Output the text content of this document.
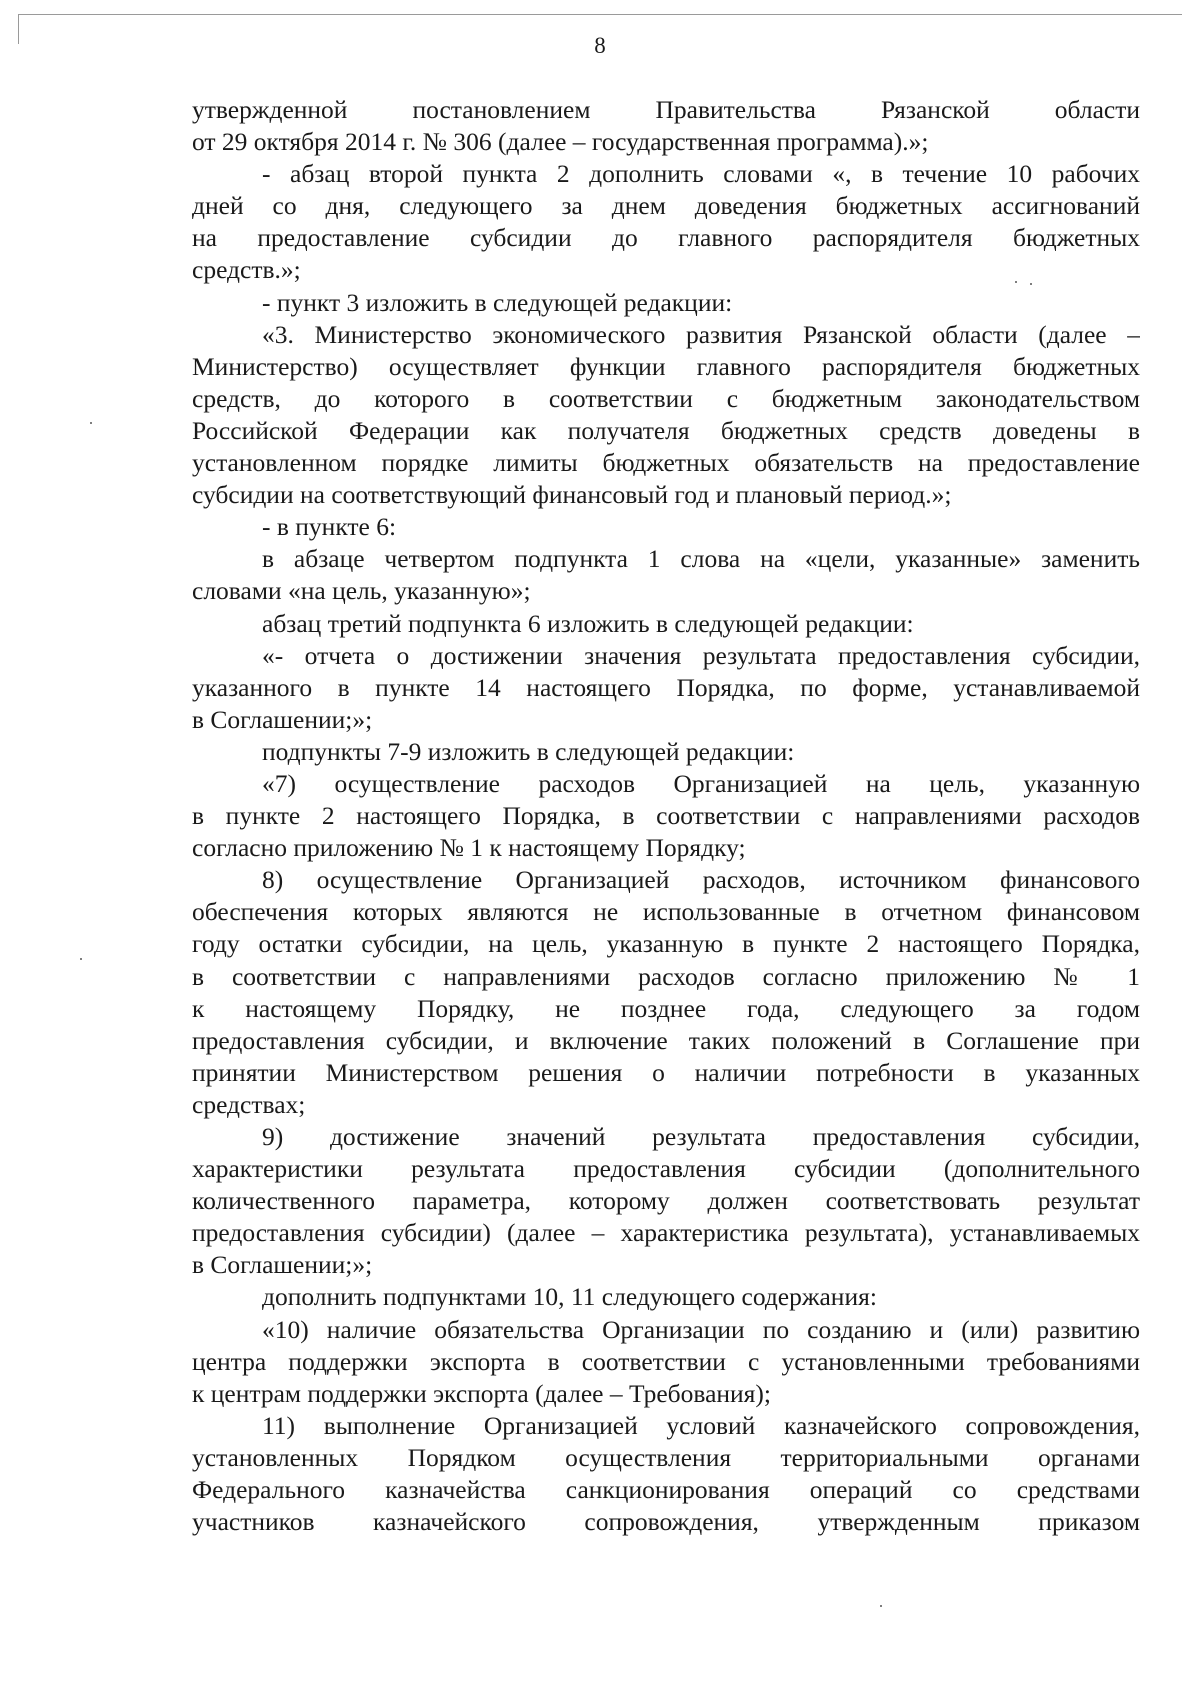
8
утвержденной постановлением Правительства Рязанской области
от 29 октября 2014 г. № 306 (далее – государственная программа).»;
- абзац второй пункта 2 дополнить словами «, в течение 10 рабочих
дней со дня, следующего за днем доведения бюджетных ассигнований
на предоставление субсидии до главного распорядителя бюджетных
средств.»;
- пункт 3 изложить в следующей редакции:
«3. Министерство экономического развития Рязанской области (далее –
Министерство) осуществляет функции главного распорядителя бюджетных
средств, до которого в соответствии с бюджетным законодательством
Российской Федерации как получателя бюджетных средств доведены в
установленном порядке лимиты бюджетных обязательств на предоставление
субсидии на соответствующий финансовый год и плановый период.»;
- в пункте 6:
в абзаце четвертом подпункта 1 слова на «цели, указанные» заменить
словами «на цель, указанную»;
абзац третий подпункта 6 изложить в следующей редакции:
«- отчета о достижении значения результата предоставления субсидии,
указанного в пункте 14 настоящего Порядка, по форме, устанавливаемой
в Соглашении;»;
подпункты 7-9 изложить в следующей редакции:
«7) осуществление расходов Организацией на цель, указанную
в пункте 2 настоящего Порядка, в соответствии с направлениями расходов
согласно приложению № 1 к настоящему Порядку;
8) осуществление Организацией расходов, источником финансового
обеспечения которых являются не использованные в отчетном финансовом
году остатки субсидии, на цель, указанную в пункте 2 настоящего Порядка,
в соответствии с направлениями расходов согласно приложению № 1
к настоящему Порядку, не позднее года, следующего за годом
предоставления субсидии, и включение таких положений в Соглашение при
принятии Министерством решения о наличии потребности в указанных
средствах;
9) достижение значений результата предоставления субсидии,
характеристики результата предоставления субсидии (дополнительного
количественного параметра, которому должен соответствовать результат
предоставления субсидии) (далее – характеристика результата), устанавливаемых
в Соглашении;»;
дополнить подпунктами 10, 11 следующего содержания:
«10) наличие обязательства Организации по созданию и (или) развитию
центра поддержки экспорта в соответствии с установленными требованиями
к центрам поддержки экспорта (далее – Требования);
11) выполнение Организацией условий казначейского сопровождения,
установленных Порядком осуществления территориальными органами
Федерального казначейства санкционирования операций со средствами
участников казначейского сопровождения, утвержденным приказом
